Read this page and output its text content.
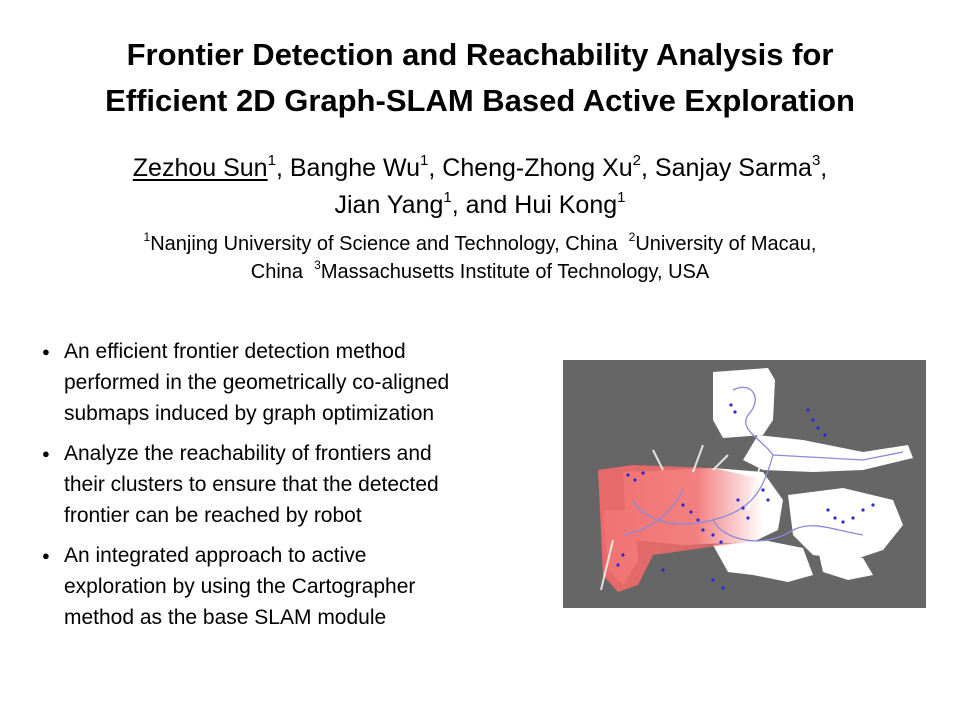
Frontier Detection and Reachability Analysis for
Efficient 2D Graph-SLAM Based Active Exploration
Zezhou Sun$^1$, Banghe Wu$^1$, Cheng-Zhong Xu$^2$, Sanjay Sarma$^3$,
Jian Yang$^1$, and Hui Kong$^1$
$^1$Nanjing University of Science and Technology, China  $^2$University of Macau,
China  $^3$Massachusetts Institute of Technology, USA
● An efficient frontier detection method
performed in the geometrically co-aligned
submaps induced by graph optimization
● Analyze the reachability of frontiers and
their clusters to ensure that the detected
frontier can be reached by robot
● An integrated approach to active
exploration by using the Cartographer
method as the base SLAM module
